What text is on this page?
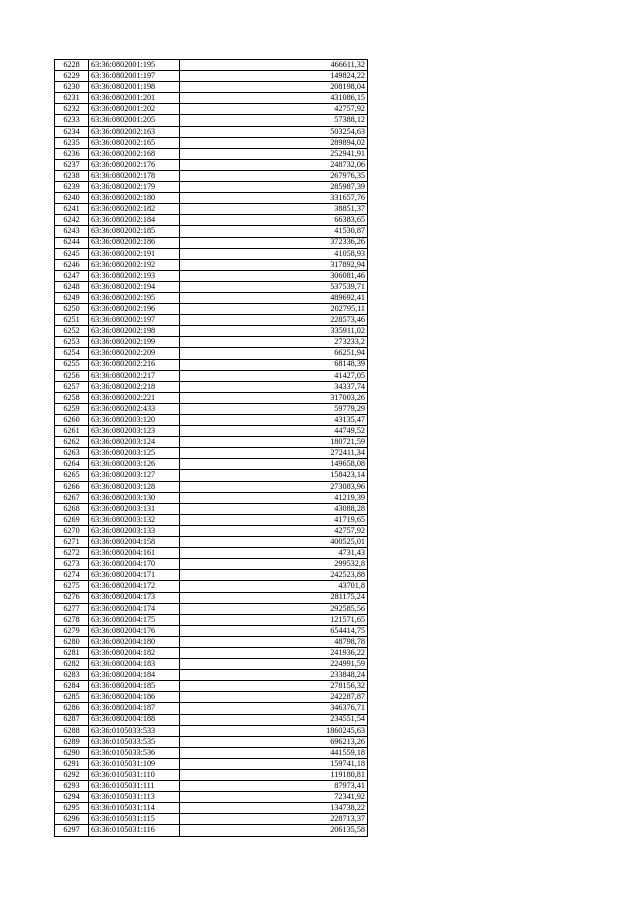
6228	63:36:0802001:195	466611,32
6229	63:36:0802001:197	149824,22
6230	63:36:0802001:198	208198,04
6231	63:36:0802001:201	431086,15
6232	63:36:0802001:202	42757,92
6233	63:36:0802001:205	57388,12
6234	63:36:0802002:163	503254,63
6235	63:36:0802002:165	289894,02
6236	63:36:0802002:168	252941,91
6237	63:36:0802002:176	248732,06
6238	63:36:0802002:178	267976,35
6239	63:36:0802002:179	285987,39
6240	63:36:0802002:180	331657,76
6241	63:36:0802002:182	38851,37
6242	63:36:0802002:184	66383,65
6243	63:36:0802002:185	41530,87
6244	63:36:0802002:186	372336,26
6245	63:36:0802002:191	41058,93
6246	63:36:0802002:192	317892,94
6247	63:36:0802002:193	306081,46
6248	63:36:0802002:194	537539,71
6249	63:36:0802002:195	489692,41
6250	63:36:0802002:196	202795,11
6251	63:36:0802002:197	228573,46
6252	63:36:0802002:198	335911,02
6253	63:36:0802002:199	273233,2
6254	63:36:0802002:209	66251,94
6255	63:36:0802002:216	68148,39
6256	63:36:0802002:217	41427,05
6257	63:36:0802002:218	34337,74
6258	63:36:0802002:221	317003,26
6259	63:36:0802002:433	59779,29
6260	63:36:0802003:120	43135,47
6261	63:36:0802003:123	44749,52
6262	63:36:0802003:124	180721,59
6263	63:36:0802003:125	272411,34
6264	63:36:0802003:126	149658,08
6265	63:36:0802003:127	158423,14
6266	63:36:0802003:128	273083,96
6267	63:36:0802003:130	41219,39
6268	63:36:0802003:131	43088,28
6269	63:36:0802003:132	41719,65
6270	63:36:0802003:133	42757,92
6271	63:36:0802004:158	400525,01
6272	63:36:0802004:161	4731,43
6273	63:36:0802004:170	299532,8
6274	63:36:0802004:171	242523,88
6275	63:36:0802004:172	43701,8
6276	63:36:0802004:173	281175,24
6277	63:36:0802004:174	292585,56
6278	63:36:0802004:175	121571,65
6279	63:36:0802004:176	654414,75
6280	63:36:0802004:180	48798,78
6281	63:36:0802004:182	241936,22
6282	63:36:0802004:183	224991,59
6283	63:36:0802004:184	233848,24
6284	63:36:0802004:185	278156,32
6285	63:36:0802004:186	242287,87
6286	63:36:0802004:187	346376,71
6287	63:36:0802004:188	234551,54
6288	63:36:0105033:533	1860245,63
6289	63:36:0105033:535	696213,26
6290	63:36:0105033:536	441559,18
6291	63:36:0105031:109	159741,18
6292	63:36:0105031:110	119180,81
6293	63:36:0105031:111	87973,41
6294	63:36:0105031:113	72341,92
6295	63:36:0105031:114	134738,22
6296	63:36:0105031:115	228713,37
6297	63:36:0105031:116	206135,58
